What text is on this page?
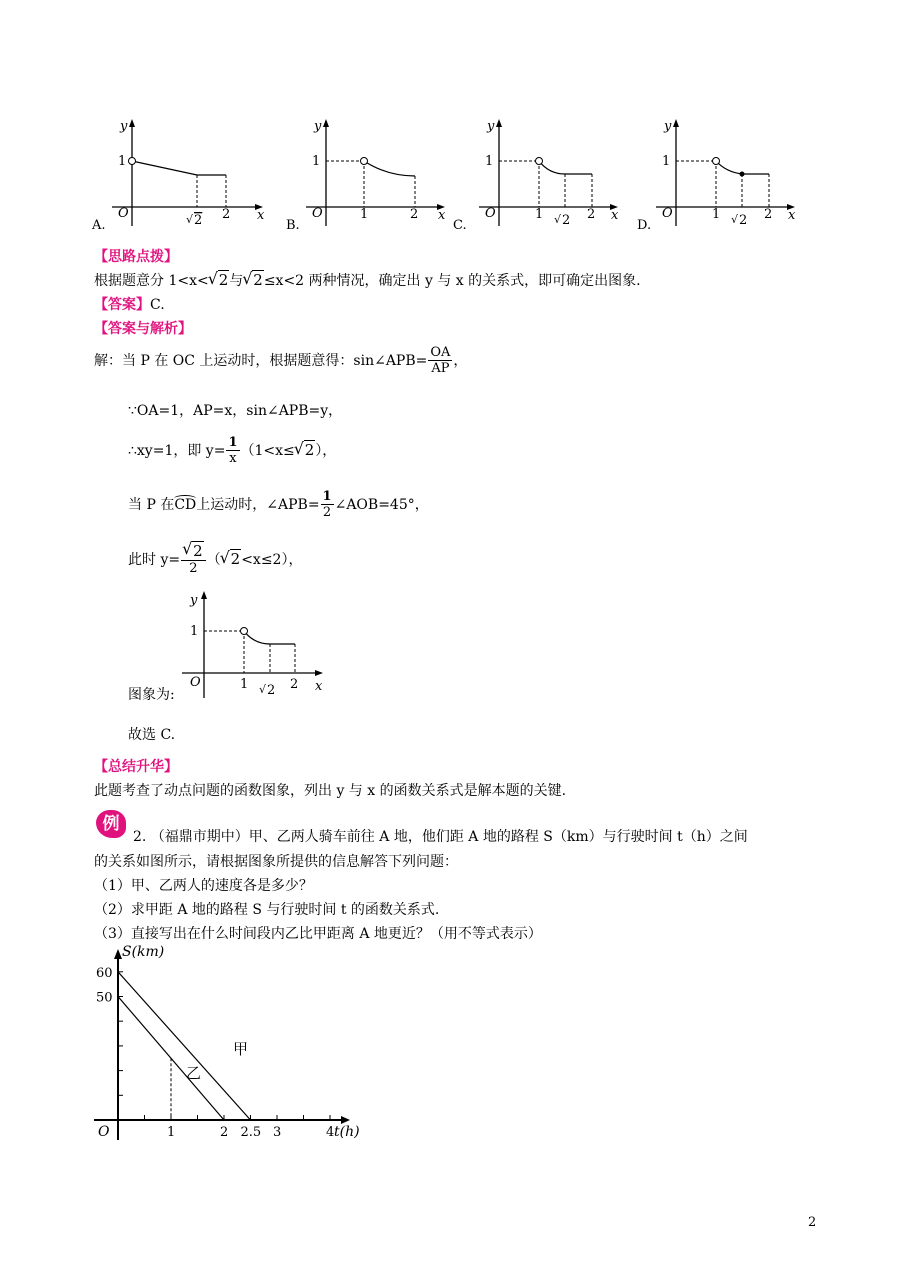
A.	B.	C.	D.
y
x
O
1
√ 2 2
y
x
O
1
1	2
y
x
O
1
1 √ 2 2
y
x
O
1
1 √ 2 2
【思路点拨】
根据题意分 1<x< √ 2与 √ 2≤x<2 两种情况，确定出 y 与 x 的关系式，即可确定出图象.
【答案】C.
【答案与解析】
解：当 P 在 OC 上运动时，根据题意得：sin∠APB= $\frac{OA}{AP}$ ，
∵OA=1，AP=x，sin∠APB=y，
∴xy=1，即 $y= \frac{1}{x} (1<x\le$ √ 2），
当 P 在CD上运动时，∠APB= $\frac{1}{2}$ ∠AOB=45°，
此时 y= √ $\frac{2}{2}$ （ √ 2<x≤2），
y
x
O
1
1 √ 2 2
图象为:
故选 C.
【总结升华】
此题考查了动点问题的函数图象，列出 y 与 x 的函数关系式是解本题的关键.
例
2. （福鼎市期中）甲、乙两人骑车前往 A 地，他们距 A 地的路程 S（km）与行驶时间 t（h）之间
的关系如图所示，请根据图象所提供的信息解答下列问题：
（1）甲、乙两人的速度各是多少？
（2）求甲距 A 地的路程 S 与行驶时间 t 的函数关系式.
（3）直接写出在什么时间段内乙比甲距离 A 地更近？（用不等式表示）
甲
乙
60
50
1	2 2.5 3	4
O	t(h)
S(km)
2
